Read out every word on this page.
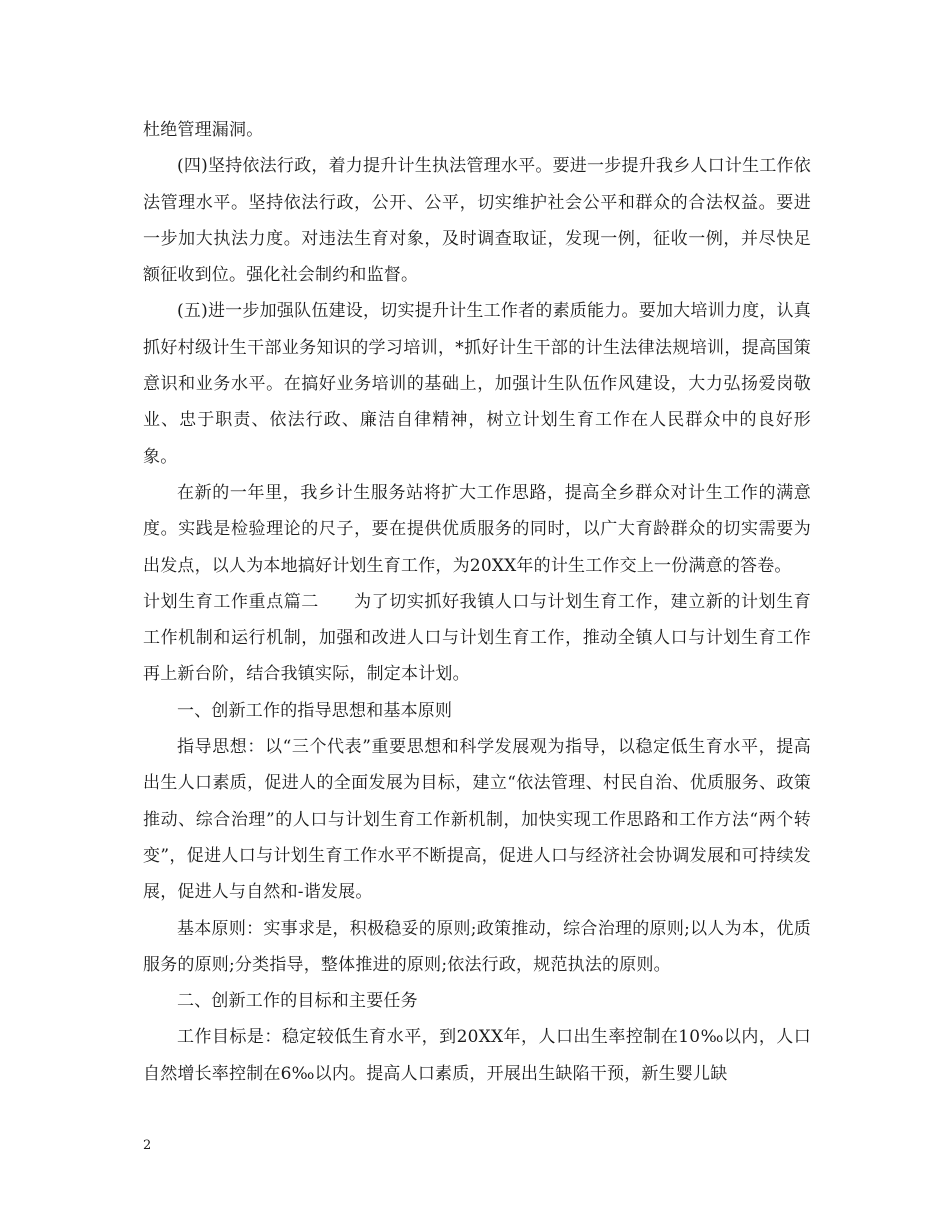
杜绝管理漏洞。

(四)坚持依法行政，着力提升计生执法管理水平。要进一步提升我乡人口计生工作依法管理水平。坚持依法行政，公开、公平，切实维护社会公平和群众的合法权益。要进一步加大执法力度。对违法生育对象，及时调查取证，发现一例，征收一例，并尽快足额征收到位。强化社会制约和监督。

(五)进一步加强队伍建设，切实提升计生工作者的素质能力。要加大培训力度，认真抓好村级计生干部业务知识的学习培训，*抓好计生干部的计生法律法规培训，提高国策意识和业务水平。在搞好业务培训的基础上，加强计生队伍作风建设，大力弘扬爱岗敬业、忠于职责、依法行政、廉洁自律精神，树立计划生育工作在人民群众中的良好形象。

在新的一年里，我乡计生服务站将扩大工作思路，提高全乡群众对计生工作的满意度。实践是检验理论的尺子，要在提供优质服务的同时，以广大育龄群众的切实需要为出发点，以人为本地搞好计划生育工作，为20XX年的计生工作交上一份满意的答卷。

计划生育工作重点篇二　　为了切实抓好我镇人口与计划生育工作，建立新的计划生育工作机制和运行机制，加强和改进人口与计划生育工作，推动全镇人口与计划生育工作再上新台阶，结合我镇实际，制定本计划。

一、创新工作的指导思想和基本原则

指导思想：以“三个代表”重要思想和科学发展观为指导，以稳定低生育水平，提高出生人口素质，促进人的全面发展为目标，建立“依法管理、村民自治、优质服务、政策推动、综合治理”的人口与计划生育工作新机制，加快实现工作思路和工作方法“两个转变”，促进人口与计划生育工作水平不断提高，促进人口与经济社会协调发展和可持续发展，促进人与自然和-谐发展。

基本原则：实事求是，积极稳妥的原则;政策推动，综合治理的原则;以人为本，优质服务的原则;分类指导，整体推进的原则;依法行政，规范执法的原则。

二、创新工作的目标和主要任务

工作目标是：稳定较低生育水平，到20XX年，人口出生率控制在10‰以内，人口自然增长率控制在6‰以内。提高人口素质，开展出生缺陷干预，新生婴儿缺

2
